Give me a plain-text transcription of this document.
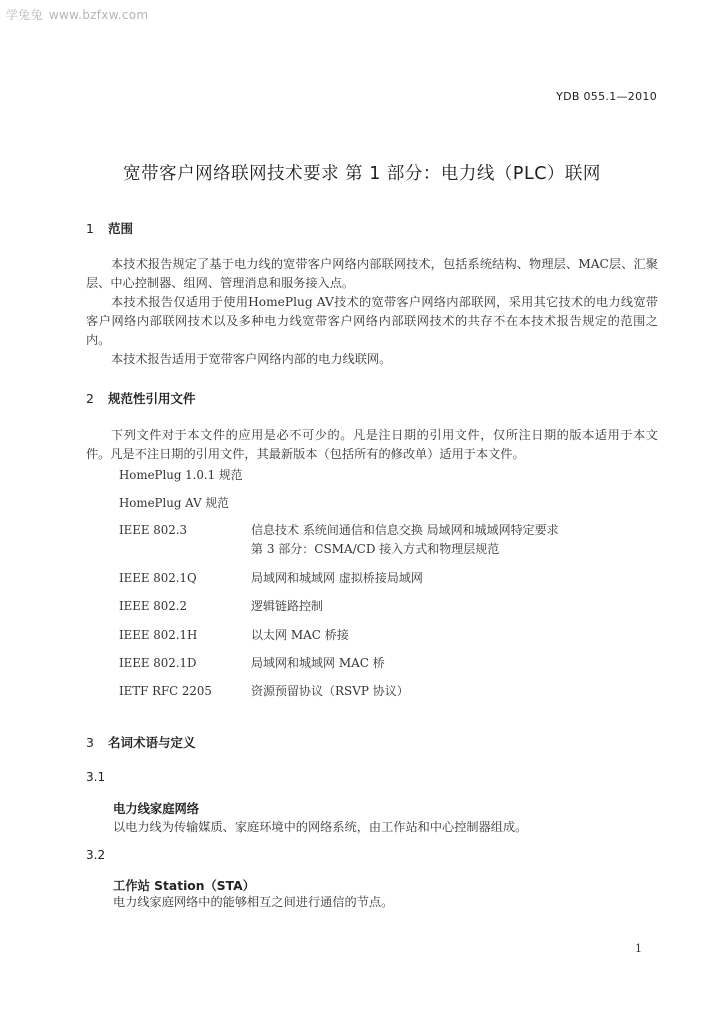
学兔兔 www.bzfxw.com
YDB 055.1—2010
宽带客户网络联网技术要求 第 1 部分：电力线（PLC）联网
1 范围

本技术报告规定了基于电力线的宽带客户网络内部联网技术，包括系统结构、物理层、MAC层、汇聚层、中心控制器、组网、管理消息和服务接入点。

本技术报告仅适用于使用HomePlug AV技术的宽带客户网络内部联网，采用其它技术的电力线宽带客户网络内部联网技术以及多种电力线宽带客户网络内部联网技术的共存不在本技术报告规定的范围之内。

本技术报告适用于宽带客户网络内部的电力线联网。

2 规范性引用文件

下列文件对于本文件的应用是必不可少的。凡是注日期的引用文件，仅所注日期的版本适用于本文件。凡是不注日期的引用文件，其最新版本（包括所有的修改单）适用于本文件。

HomePlug 1.0.1 规范
HomePlug AV 规范
IEEE 802.3	信息技术 系统间通信和信息交换 局域网和城域网特定要求
第 3 部分：CSMA/CD 接入方式和物理层规范
IEEE 802.1Q	局域网和城域网 虚拟桥接局域网
IEEE 802.2	逻辑链路控制
IEEE 802.1H	以太网 MAC 桥接
IEEE 802.1D	局域网和城域网 MAC 桥
IETF RFC 2205	资源预留协议（RSVP 协议）
3 名词术语与定义
3.1
电力线家庭网络
以电力线为传输媒质、家庭环境中的网络系统，由工作站和中心控制器组成。
3.2
工作站 Station（STA）
电力线家庭网络中的能够相互之间进行通信的节点。
1
